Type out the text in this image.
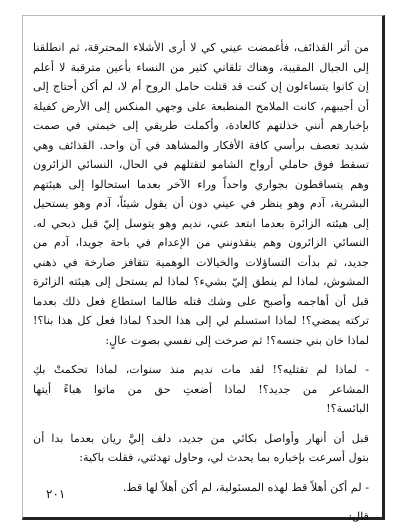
من أثر القذائف، فأغمضت عيني كي لا أرى الأشلاء المحترقة، ثم انطلقنا
إلى الجبال المقيبة، وهناك تلقاني كثير من النساء بأعين مترقبة لا أعلم
إن كانوا يتساءلون إن كنت قد قتلت حامل الروح أم لا، لم أكن أحتاج إلى
أن أجيبهم، كانت الملامح المنطبعة على وجهي المنكس إلى الأرض كفيلة
بإخبارهم أنني خذلتهم كالعادة، وأكملت طريقي إلى خيمتي في صمت
شديد تعصف برأسي كافة الأفكار والمشاهد في آن واحد. القذائف وهي
تسقط فوق حاملي أرواح الشامو لتقتلهم في الحال، النسائي الزائرون
وهم يتساقطون بجواري واحداً وراء الآخر بعدما استحالوا إلى هيئتهم
البشرية، آدم وهو ينظر في عيني دون أن يقول شيئاً، آدم وهو يستحيل
إلى هيئته الزائرة بعدما ابتعد عني، نديم وهو يتوسل إليّ قبل ذبحي له.
النسائي الزائرون وهم ينقذونني من الإعدام في باحة جويدا، آدم من
جديد، ثم بدأت التساؤلات والخيالات الوهمية تتقافز صارخة في ذهني
المشوش، لماذا لم ينطق إليّ بشيء؟ لماذا لم يستحل إلى هيئته الزائرة
قبل أن أهاجمه وأصبح على وشك قتله طالما استطاع فعل ذلك بعدما
تركته يمضي؟! لماذا استسلم لي إلى هذا الحد؟ لماذا فعل كل هذا بنا؟!
لماذا خان بني جنسه؟! ثم صرخت إلى نفسي بصوت عالٍ:

- لماذا لم تقتليه؟! لقد مات نديم منذ سنوات، لماذا تحكمتْ بكِ
المشاعر من جديد؟! لماذا أضعتِ حق من ماتوا هباءً أيتها
البائسة؟!

قبل أن أنهار وأواصل بكائي من جديد، دلف إليَّ ريان بعدما بدا أن
بتول أسرعت بإخباره بما يحدث لي، وحاول تهدئتي، فقلت باكية:

- لم أكن أهلاً قط لهذه المسئولية، لم أكن أهلاً لها قط.

قال:

٢٠١
